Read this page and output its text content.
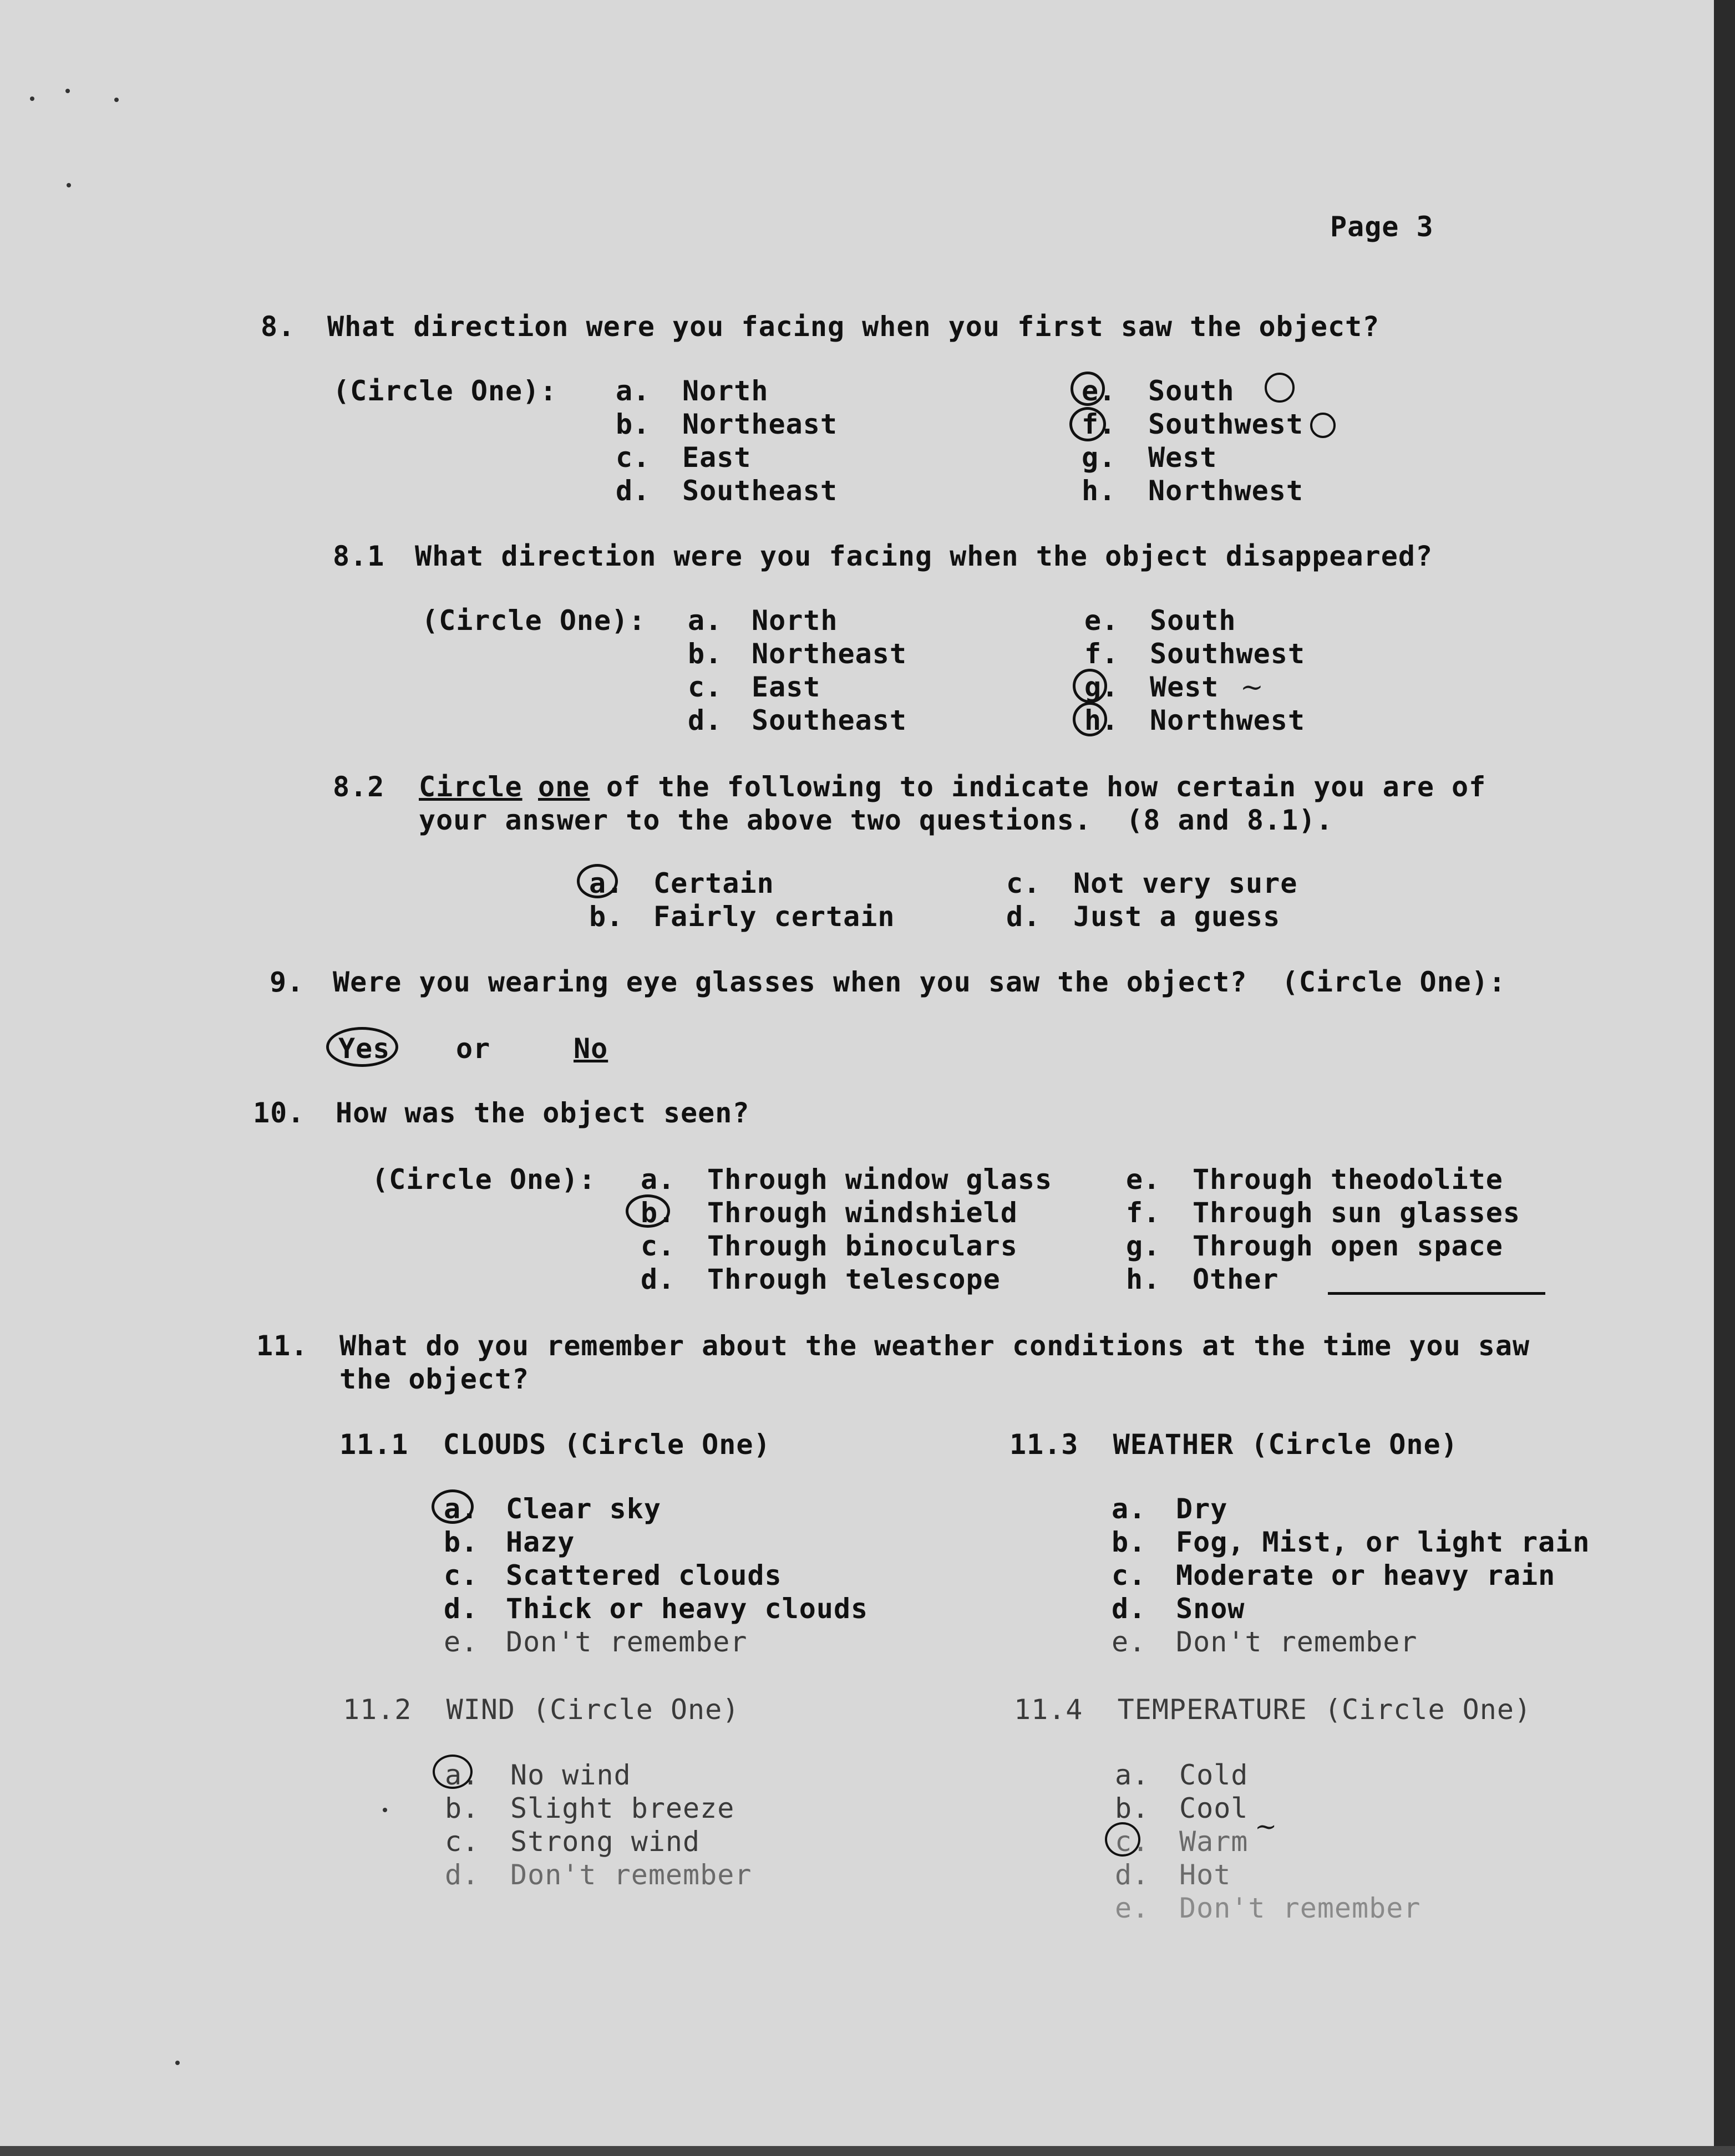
Page 3
8. What direction were you facing when you first saw the object?
(Circle One): a. North
b. Northeast
c. East
d. Southeast
e. South
f. Southwest
g. West
h. Northwest
8.1 What direction were you facing when the object disappeared?
(Circle One): a. North
b. Northeast
c. East
d. Southeast
e. South
f. Southwest
g. West
h. Northwest
~
8.2 Circle one of the following to indicate how certain you are of
your answer to the above two questions.  (8 and 8.1).
a. Certain
b. Fairly certain
c. Not very sure
d. Just a guess
9. Were you wearing eye glasses when you saw the object?  (Circle One):
Yes or	No
10. How was the object seen?
(Circle One): a. Through window glass
b. Through windshield
c. Through binoculars
d. Through telescope
e. Through theodolite
f. Through sun glasses
g. Through open space
h. Other
11. What do you remember about the weather conditions at the time you saw
the object?
11.1  CLOUDS (Circle One)
a. Clear sky
b. Hazy
c. Scattered clouds
d. Thick or heavy clouds
e. Don't remember
11.3  WEATHER (Circle One)
a. Dry
b. Fog, Mist, or light rain
c. Moderate or heavy rain
d. Snow
e. Don't remember
11.2  WIND (Circle One)
a. No wind
b. Slight breeze
c. Strong wind
d. Don't remember
11.4  TEMPERATURE (Circle One)
a. Cold
b. Cool
c. Warm
d. Hot
e. Don't remember
~
